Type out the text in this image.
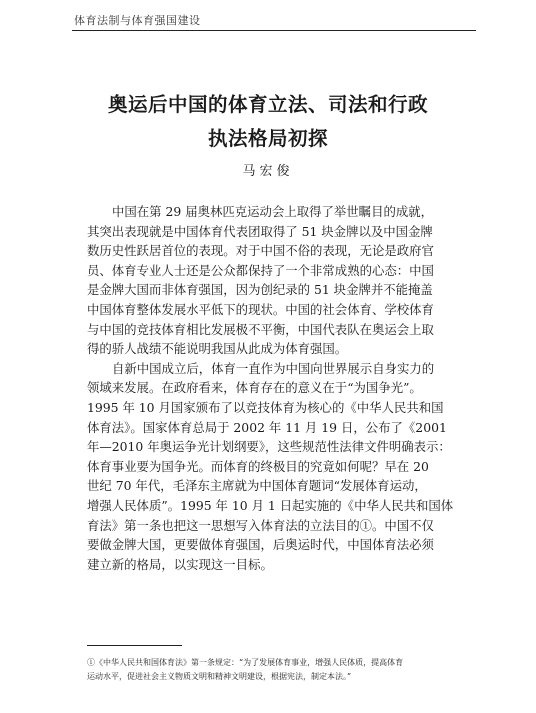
体育法制与体育强国建设
奥运后中国的体育立法、司法和行政
执法格局初探
马宏俊
中国在第 29 届奥林匹克运动会上取得了举世瞩目的成就，
其突出表现就是中国体育代表团取得了 51 块金牌以及中国金牌
数历史性跃居首位的表现。对于中国不俗的表现，无论是政府官
员、体育专业人士还是公众都保持了一个非常成熟的心态：中国
是金牌大国而非体育强国，因为创纪录的 51 块金牌并不能掩盖
中国体育整体发展水平低下的现状。中国的社会体育、学校体育
与中国的竞技体育相比发展极不平衡，中国代表队在奥运会上取
得的骄人战绩不能说明我国从此成为体育强国。
自新中国成立后，体育一直作为中国向世界展示自身实力的
领域来发展。在政府看来，体育存在的意义在于“为国争光”。
1995 年 10 月国家颁布了以竞技体育为核心的《中华人民共和国
体育法》。国家体育总局于 2002 年 11 月 19 日，公布了《2001
年—2010 年奥运争光计划纲要》，这些规范性法律文件明确表示：
体育事业要为国争光。而体育的终极目的究竟如何呢？早在 20
世纪 70 年代，毛泽东主席就为中国体育题词“发展体育运动，
增强人民体质”。1995 年 10 月 1 日起实施的《中华人民共和国体
育法》第一条也把这一思想写入体育法的立法目的①。中国不仅
要做金牌大国，更要做体育强国，后奥运时代，中国体育法必须
建立新的格局，以实现这一目标。
①《中华人民共和国体育法》第一条规定：“为了发展体育事业，增强人民体质，提高体育
运动水平，促进社会主义物质文明和精神文明建设，根据宪法，制定本法。”
